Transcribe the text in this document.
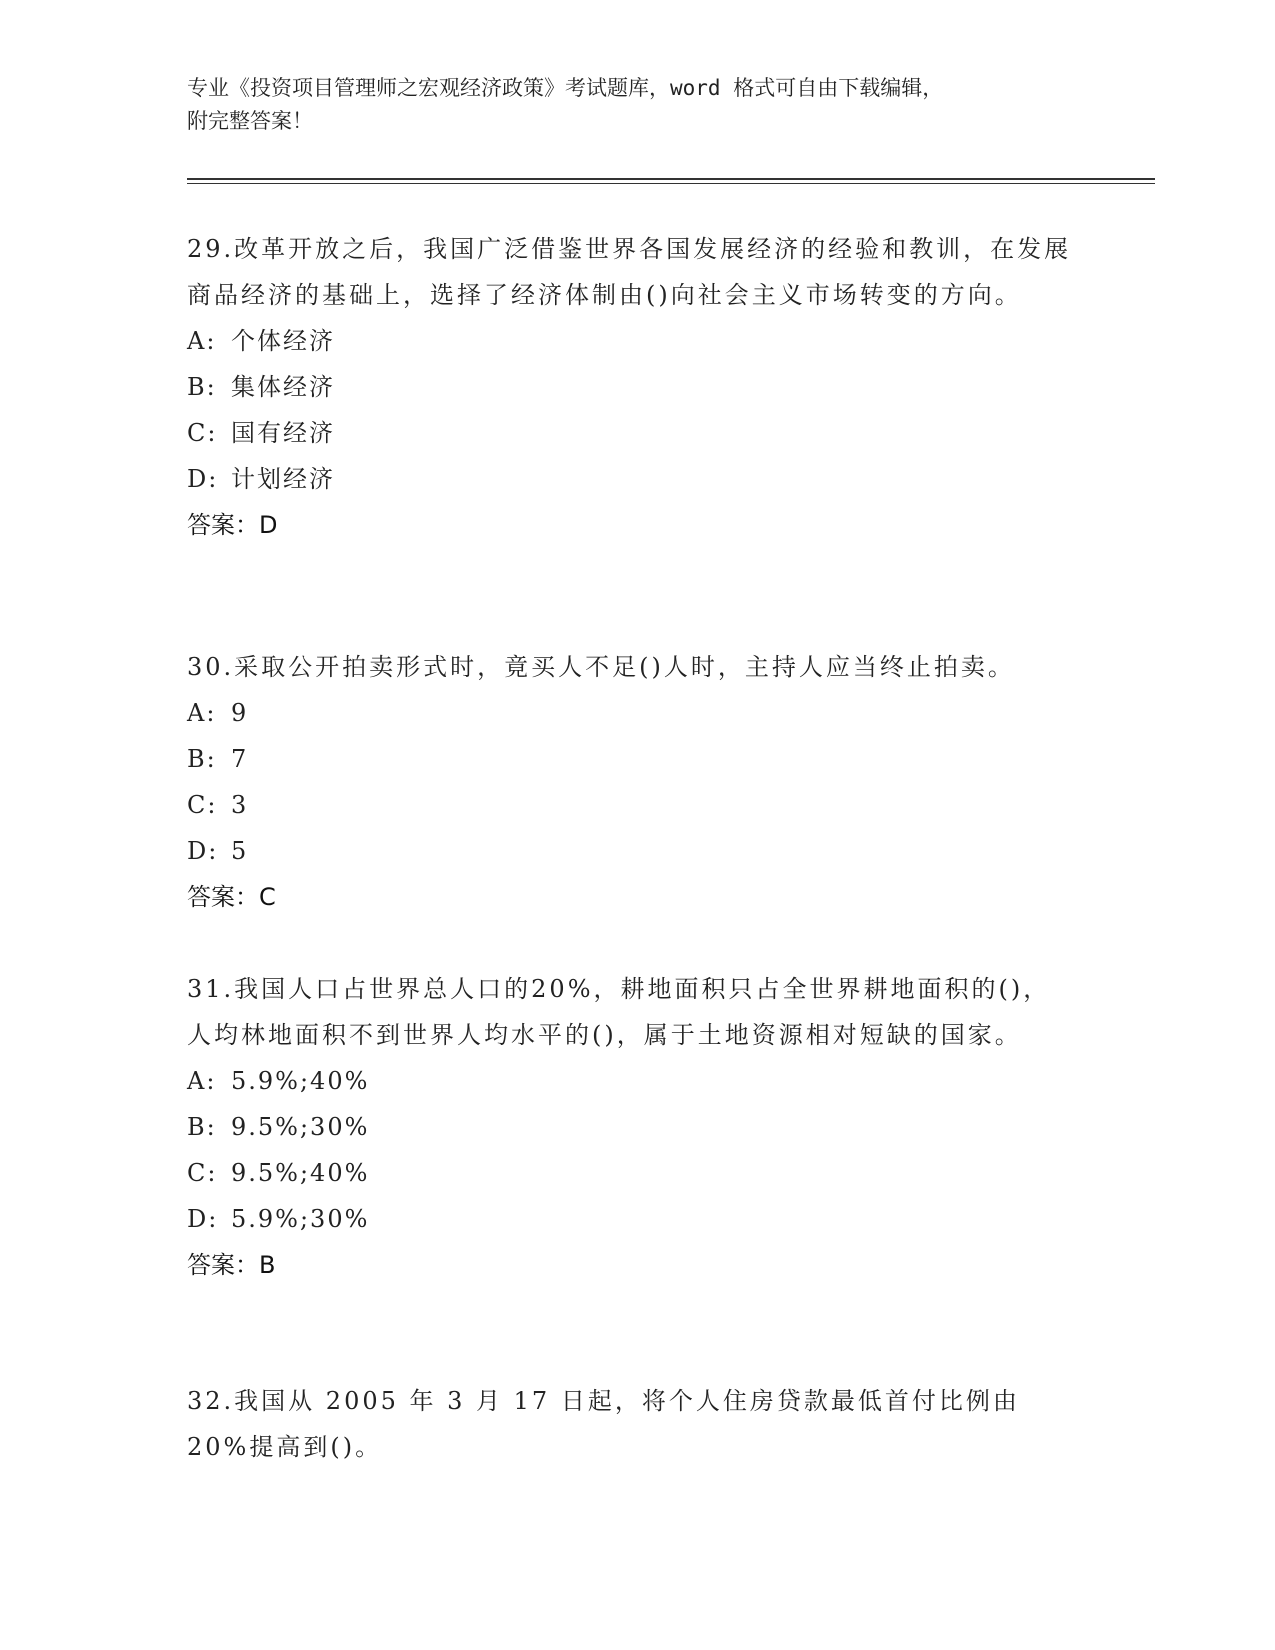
专业《投资项目管理师之宏观经济政策》考试题库，word 格式可自由下载编辑，
附完整答案！

29.改革开放之后，我国广泛借鉴世界各国发展经济的经验和教训，在发展商品经济的基础上，选择了经济体制由()向社会主义市场转变的方向。

A: 个体经济
B: 集体经济
C: 国有经济
D: 计划经济
答案：D

30.采取公开拍卖形式时，竟买人不足()人时，主持人应当终止拍卖。

A: 9
B: 7
C: 3
D: 5
答案：C

31.我国人口占世界总人口的20%，耕地面积只占全世界耕地面积的()，人均林地面积不到世界人均水平的()，属于土地资源相对短缺的国家。

A: 5.9%;40%
B: 9.5%;30%
C: 9.5%;40%
D: 5.9%;30%
答案：B

32.我国从 2005 年 3 月 17 日起，将个人住房贷款最低首付比例由 20%提高到()。
